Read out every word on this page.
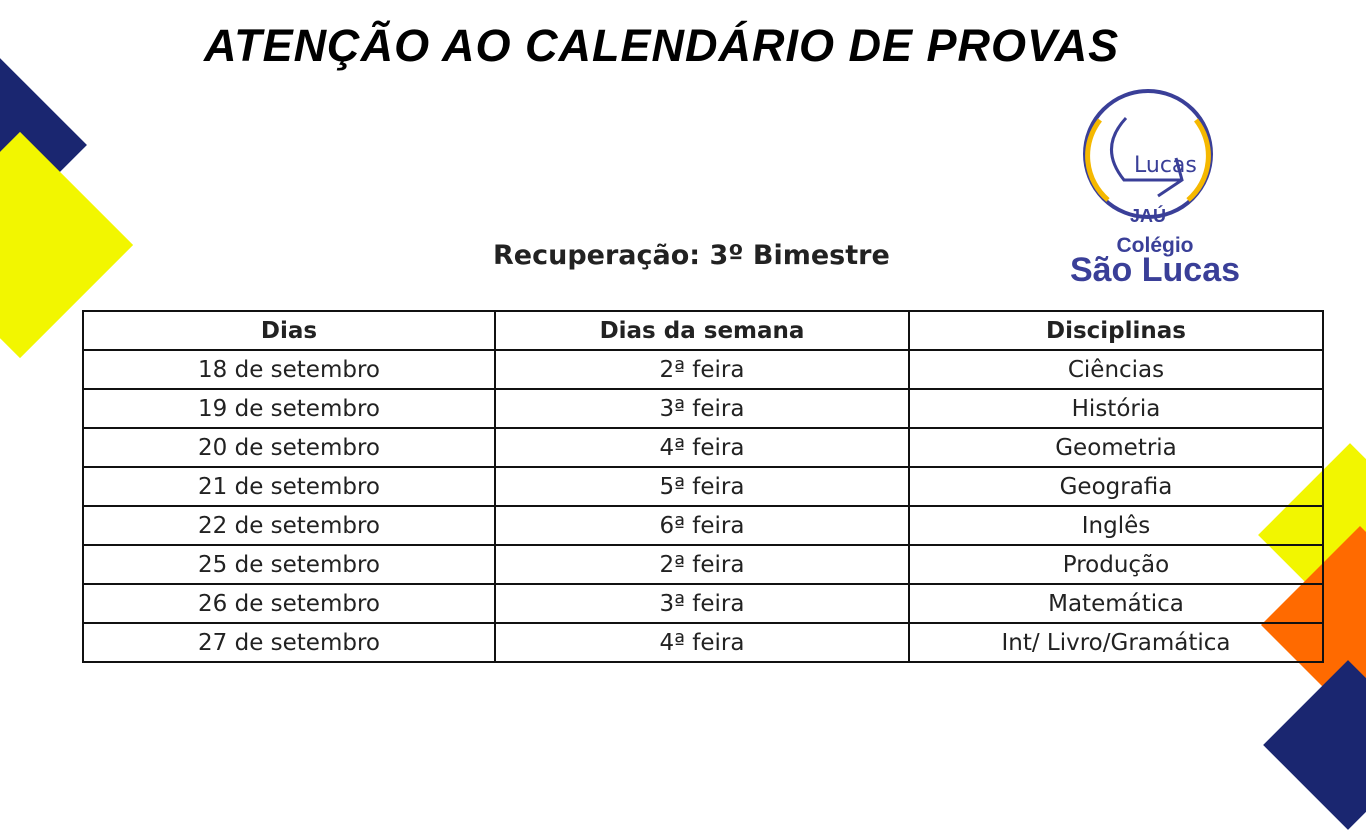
ATENÇÃO AO CALENDÁRIO DE PROVAS
Lucas
JAÚ
Colégio
São Lucas
Recuperação: 3º Bimestre
Dias	Dias da semana	Disciplinas
18 de setembro	2ª feira	Ciências
19 de setembro	3ª feira	História
20 de setembro	4ª feira	Geometria
21 de setembro	5ª feira	Geografia
22 de setembro	6ª feira	Inglês
25 de setembro	2ª feira	Produção
26 de setembro	3ª feira	Matemática
27 de setembro	4ª feira	Int/ Livro/Gramática
